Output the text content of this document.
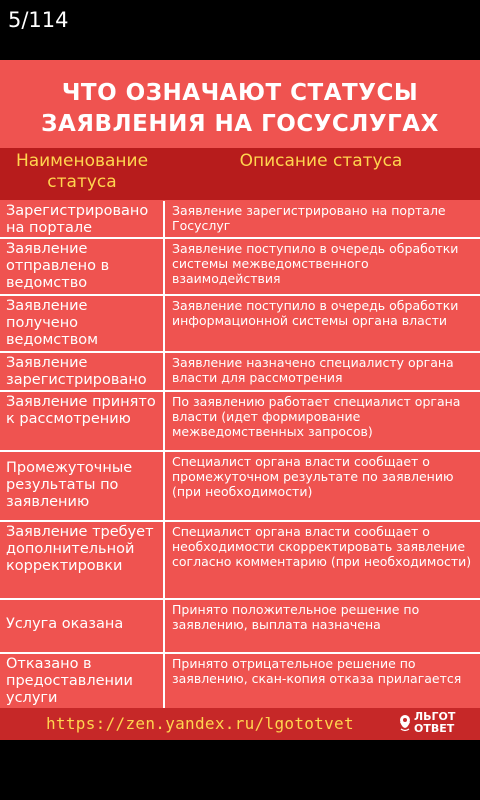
5/114
ЧТО ОЗНАЧАЮТ СТАТУСЫ
ЗАЯВЛЕНИЯ НА ГОСУСЛУГАХ
Наименование статуса
Описание статуса
Зарегистрировано на портале
Заявление зарегистрировано на портале Госуслуг
Заявление отправлено в ведомство
Заявление поступило в очередь обработки системы межведомственного взаимодействия
Заявление получено ведомством
Заявление поступило в очередь обработки информационной системы органа власти
Заявление зарегистрировано
Заявление назначено специалисту органа власти для рассмотрения
Заявление принято к рассмотрению
По заявлению работает специалист органа власти (идет формирование межведомственных запросов)
Промежуточные результаты по заявлению
Специалист органа власти сообщает о промежуточном результате по заявлению (при необходимости)
Заявление требует дополнительной корректировки
Специалист органа власти сообщает о необходимости скорректировать заявление согласно комментарию (при необходимости)
Услуга оказана
Принято положительное решение по заявлению, выплата назначена
Отказано в предоставлении услуги
Принято отрицательное решение по заявлению, скан-копия отказа прилагается
https://zen.yandex.ru/lgototvet	ЛЬГОТ
ОТВЕТ
